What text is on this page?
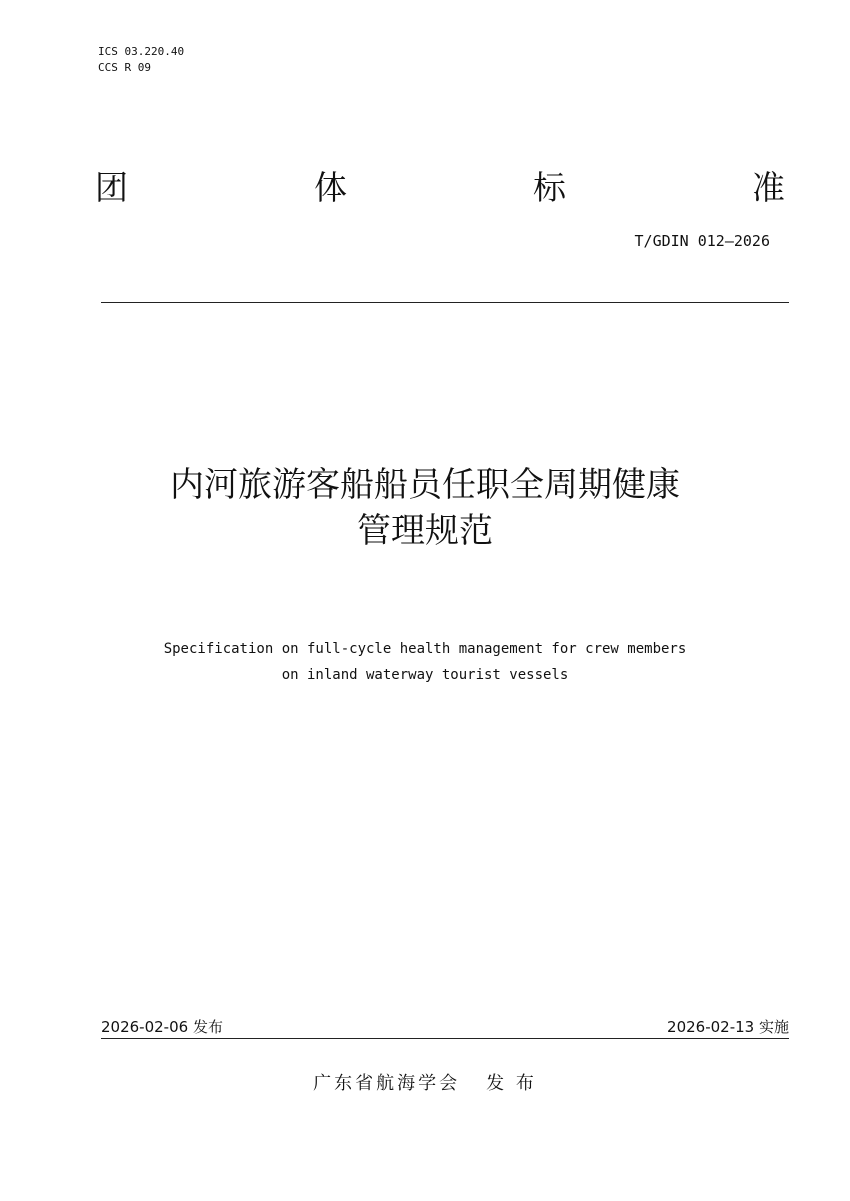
ICS 03.220.40
CCS R 09
团	体	标	准
T/GDIN 012—2026
内河旅游客船船员任职全周期健康
管理规范
Specification on full-cycle health management for crew members
on inland waterway tourist vessels
2026-02-06 发布	2026-02-13 实施
广东省航海学会 发 布
